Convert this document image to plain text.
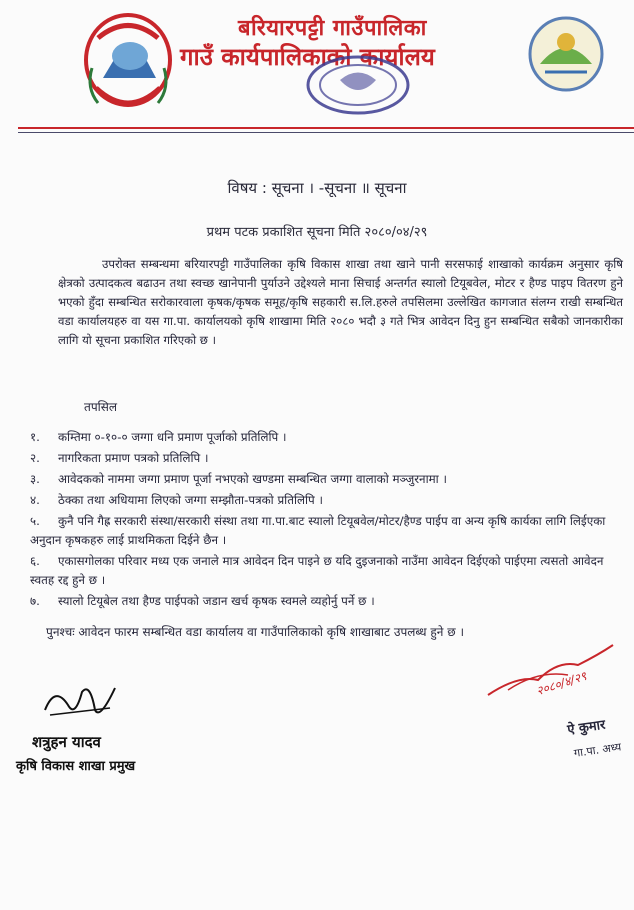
बरियारपट्टी गाउँपालिका
गाउँ कार्यपालिकाको कार्यालय
विषय : सूचना । -सूचना ॥ सूचना
प्रथम पटक प्रकाशित सूचना मिति २०८०/०४/२९
उपरोक्त सम्बन्धमा बरियारपट्टी गाउँपालिका कृषि विकास शाखा तथा खाने पानी सरसफाई शाखाको कार्यक्रम अनुसार कृषि क्षेत्रको उत्पादकत्व बढाउन तथा स्वच्छ खानेपानी पुर्याउने उद्देश्यले माना सिचाई अन्तर्गत स्यालो टियूबवेल, मोटर र हैण्ड पाइप वितरण हुने भएको हुँदा सम्बन्धित सरोकारवाला कृषक/कृषक समूह/कृषि सहकारी स.लि.हरुले तपसिलमा उल्लेखित कागजात संलग्न राखी सम्बन्धित वडा कार्यालयहरु वा यस गा.पा. कार्यालयको कृषि शाखामा मिति २०८० भदौ ३ गते भित्र आवेदन दिनु हुन सम्बन्धित सबैको जानकारीका लागि यो सूचना प्रकाशित गरिएको छ ।
तपसिल
१. कम्तिमा ०-१०-० जग्गा धनि प्रमाण पूर्जाको प्रतिलिपि ।
२. नागरिकता प्रमाण पत्रको प्रतिलिपि ।
३. आवेदकको नाममा जग्गा प्रमाण पूर्जा नभएको खण्डमा सम्बन्धित जग्गा वालाको मञ्जुरनामा ।
४. ठेक्का तथा अधियामा लिएको जग्गा सम्झौता-पत्रको प्रतिलिपि ।
५. कुनै पनि गैह्र सरकारी संस्था/सरकारी संस्था तथा गा.पा.बाट स्यालो टियूबवेल/मोटर/हैण्ड पाईप वा अन्य कृषि कार्यका लागि लिईएका अनुदान कृषकहरु लाई प्राथमिकता दिईने छैन ।
६. एकासगोलका परिवार मध्य एक जनाले मात्र आवेदन दिन पाइने छ यदि दुइजनाको नाउँमा आवेदन दिईएको पाईएमा त्यसतो आवेदन स्वतह रद्द हुने छ ।
७. स्यालो टियूबेल तथा हैण्ड पाईपको जडान खर्च कृषक स्वमले व्यहोर्नु पर्ने छ ।
पुनश्चः आवेदन फारम सम्बन्धित वडा कार्यालय वा गाउँपालिकाको कृषि शाखाबाट उपलब्ध हुने छ ।
शत्रुहन यादव
कृषि विकास शाखा प्रमुख
२०८०/४/२९
ऐ कुमार
गा.पा. अध्य
